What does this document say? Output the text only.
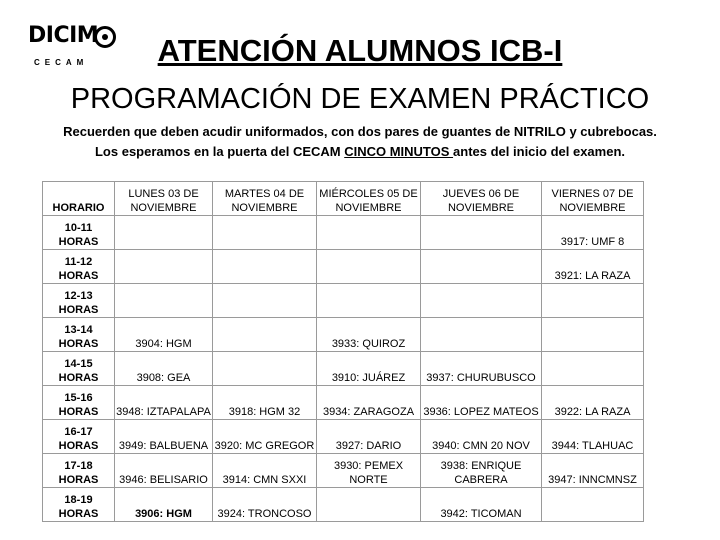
DICIM
CECAM	ATENCIÓN ALUMNOS ICB-I
PROGRAMACIÓN DE EXAMEN PRÁCTICO
Recuerden que deben acudir uniformados, con dos pares de guantes de NITRILO y cubrebocas.
Los esperamos en la puerta del CECAM CINCO MINUTOS antes del inicio del examen.
HORARIO	LUNES 03 DE NOVIEMBRE	MARTES 04 DE NOVIEMBRE	MIÉRCOLES 05 DE NOVIEMBRE	JUEVES 06 DE NOVIEMBRE	VIERNES 07 DE NOVIEMBRE
10-11 HORAS					3917: UMF 8
11-12 HORAS					3921: LA RAZA
12-13 HORAS					
13-14 HORAS	3904: HGM		3933: QUIROZ		
14-15 HORAS	3908: GEA		3910: JUÁREZ	3937: CHURUBUSCO	
15-16 HORAS	3948: IZTAPALAPA	3918: HGM 32	3934: ZARAGOZA	3936: LOPEZ MATEOS	3922: LA RAZA
16-17 HORAS	3949: BALBUENA	3920: MC GREGOR	3927: DARIO	3940: CMN 20 NOV	3944: TLAHUAC
17-18 HORAS	3946: BELISARIO	3914: CMN SXXI	3930: PEMEX NORTE	3938: ENRIQUE CABRERA	3947: INNCMNSZ
18-19 HORAS	3906: HGM	3924: TRONCOSO		3942: TICOMAN	
